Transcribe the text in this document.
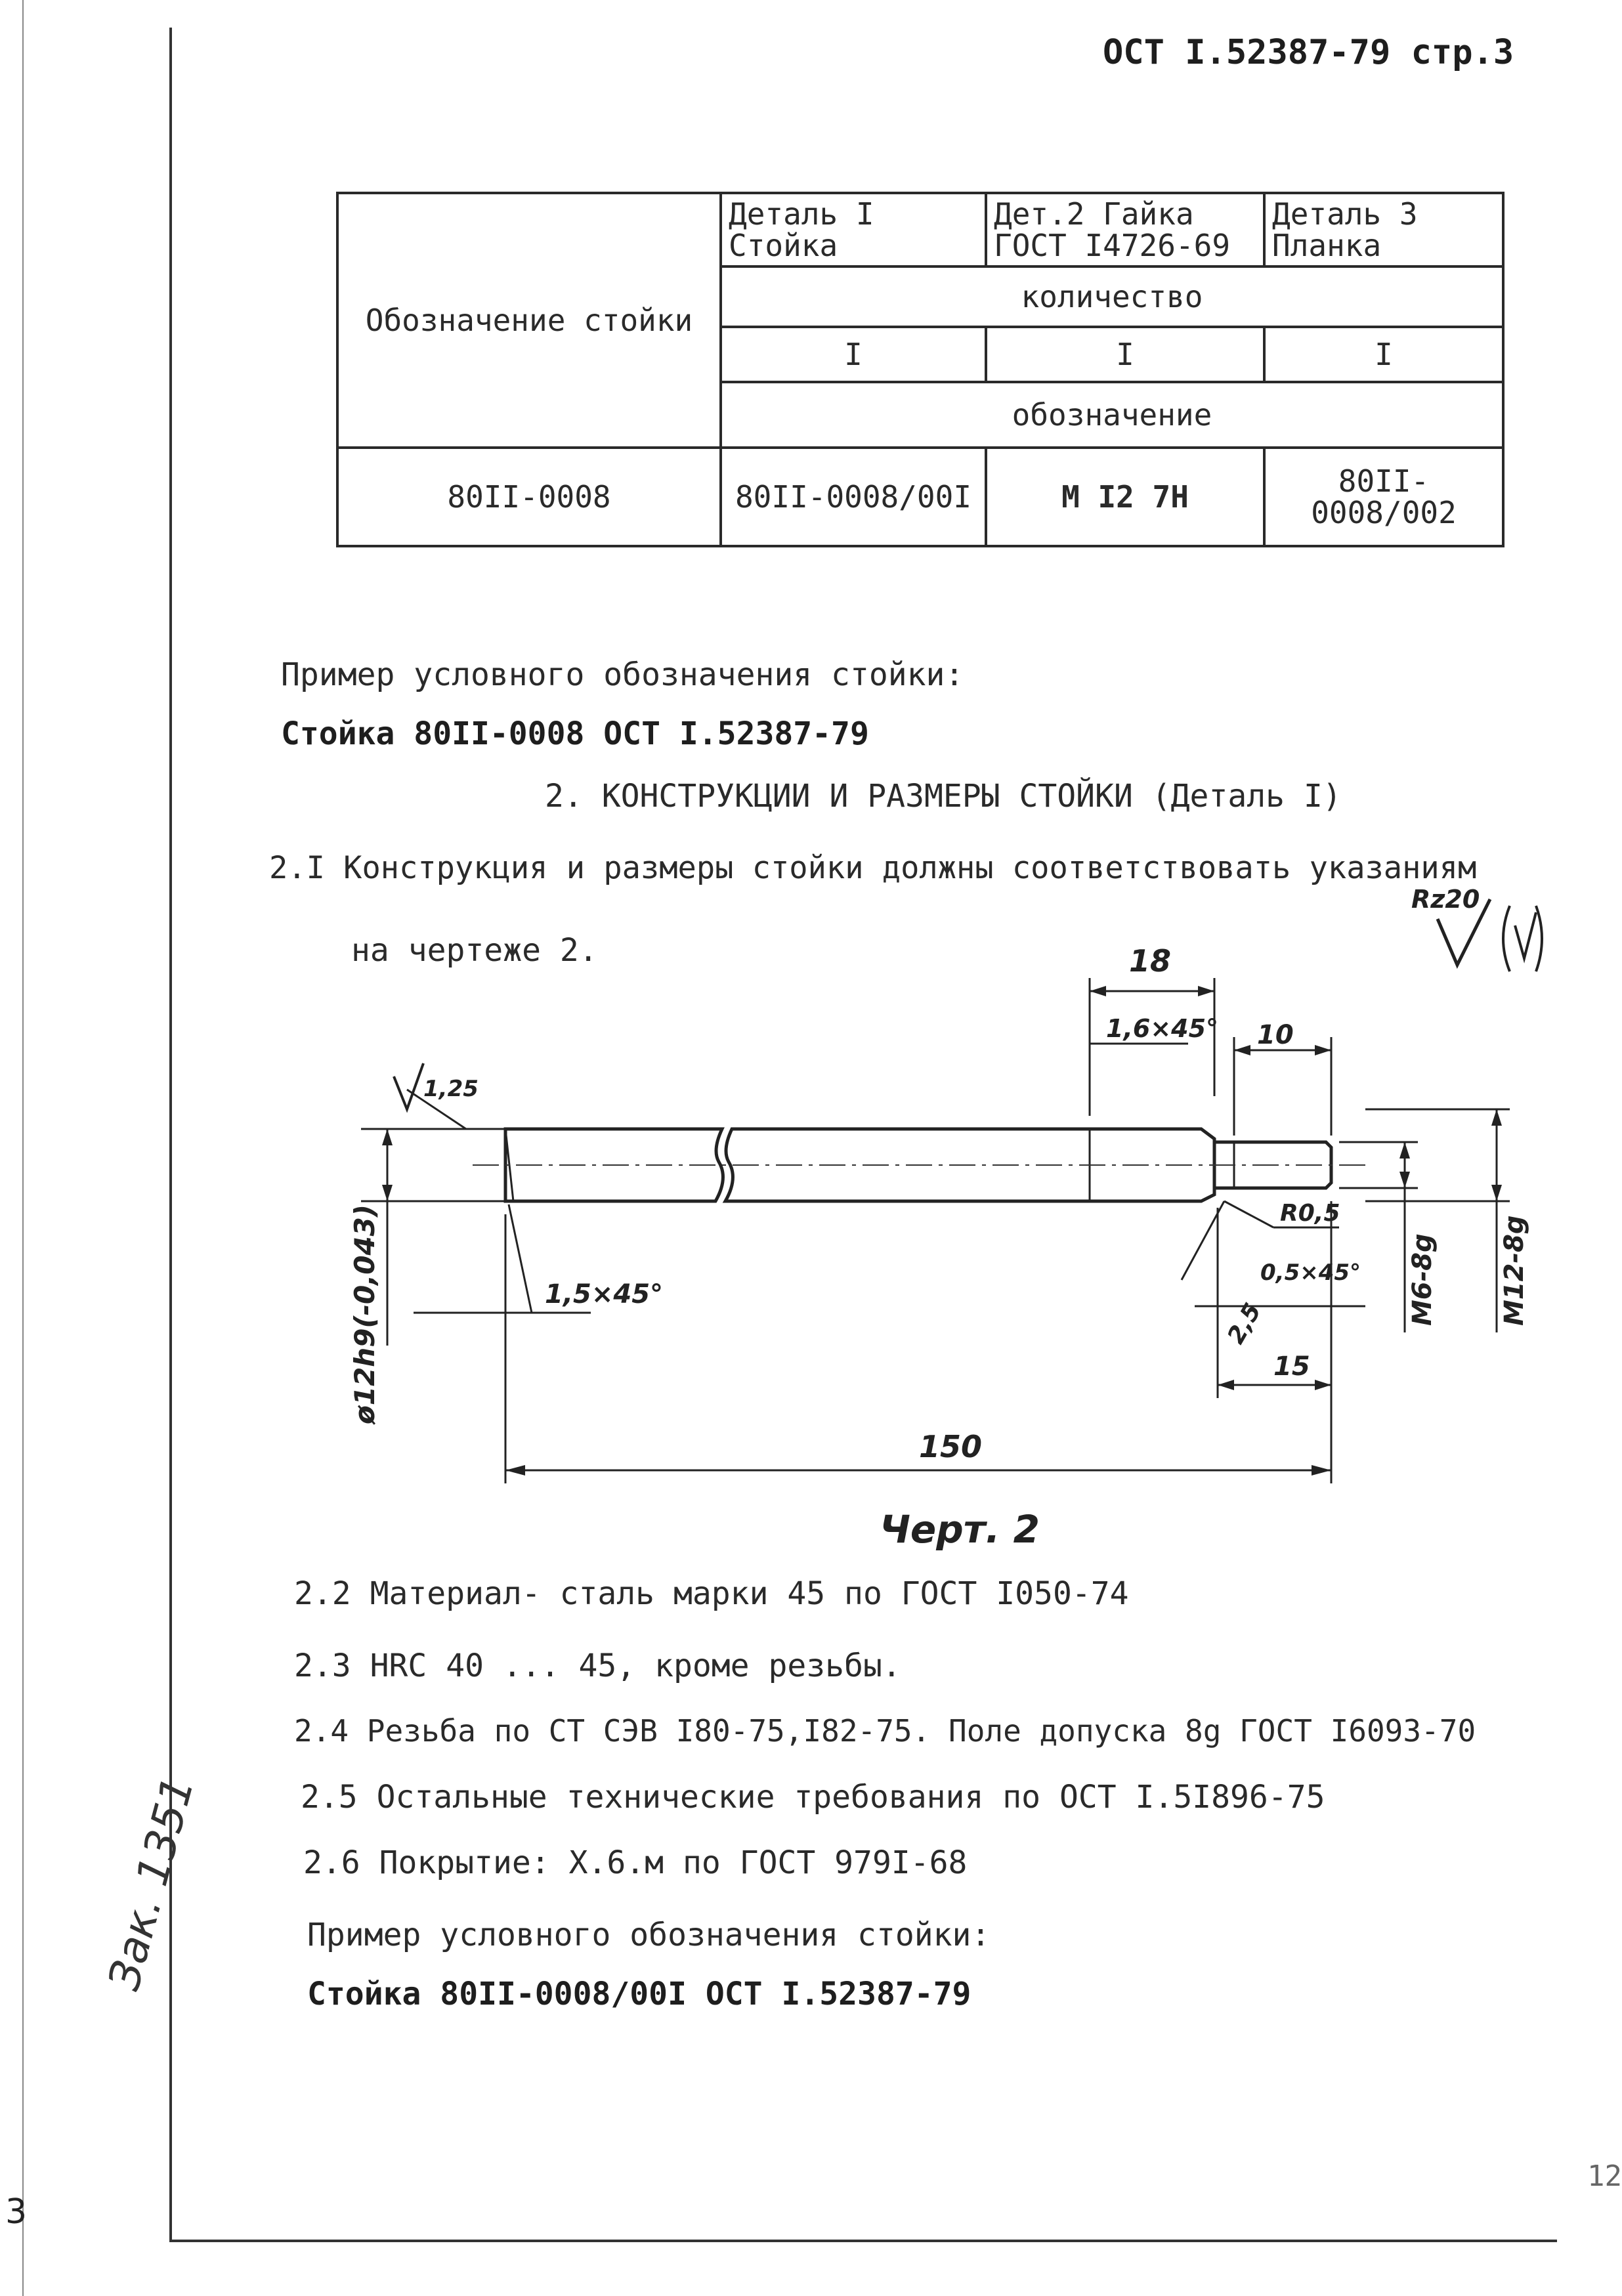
ОСТ I.52387-79 стр.3
Обозначение стойки	Деталь I Стойка	Дет.2 Гайка ГОСТ I4726-69	Деталь 3 Планка
	количество		
	I	I	I
	обозначение		
80II-0008	80II-0008/00I	M I2 7H	80II-0008/002
Пример условного обозначения стойки:
Стойка 80II-0008 ОСТ I.52387-79
2. КОНСТРУКЦИИ И РАЗМЕРЫ СТОЙКИ (Деталь I)
2.I Конструкция и размеры стойки должны соответствовать указаниям
на чертеже 2.
Rz20
18
1,6×45° 10
1,25
R0,5
0,5×45°
1,5×45°
2,5
15
150
ø12h9(-0,043)	M6-8g M12-8g
Черт. 2
2.2 Материал- сталь марки 45 по ГОСТ I050-74
2.3 HRC 40 ... 45, кроме резьбы.
2.4 Резьба по СТ СЭВ I80-75,I82-75. Поле допуска 8g ГОСТ I6093-70
2.5 Остальные технические требования по ОСТ I.5I896-75
2.6 Покрытие: Х.6.м по ГОСТ 979I-68
Пример условного обозначения стойки:
Стойка 80II-0008/00I ОСТ I.52387-79
Зак. 1351
3
12
